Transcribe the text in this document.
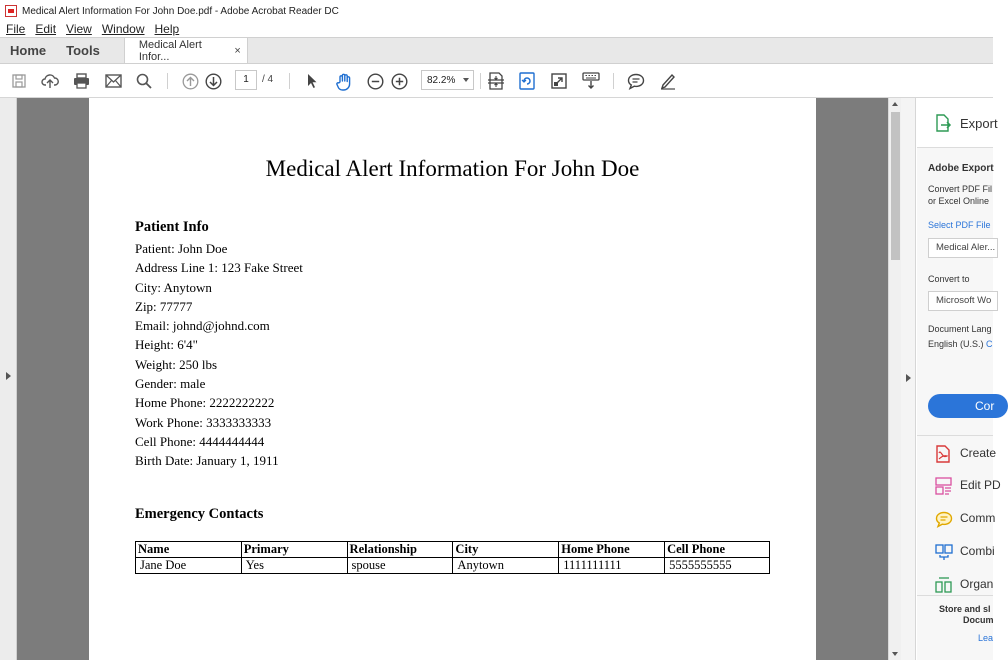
Medical Alert Information For John Doe.pdf - Adobe Acrobat Reader DC
File Edit View Window Help
Home	Tools	Medical Alert Infor...	×
1	/ 4	82.2%
Medical Alert Information For John Doe
Patient Info
Patient: John Doe
Address Line 1: 123 Fake Street
City: Anytown
Zip: 77777
Email: johnd@johnd.com
Height: 6'4"
Weight: 250 lbs
Gender: male
Home Phone: 2222222222
Work Phone: 3333333333
Cell Phone: 4444444444
Birth Date: January 1, 1911
Emergency Contacts
Name	Primary	Relationship	City	Home Phone	Cell Phone
Jane Doe	Yes	spouse	Anytown	1111111111	5555555555
Export
Adobe Export
Convert PDF Fil
or Excel Online
Select PDF File
Medical Aler...
Convert to
Microsoft Wo
Document Lang
English (U.S.) C
Cor
Create
Edit PD
Comm
Combi
Organ
Store and sl
Docum
Lea
